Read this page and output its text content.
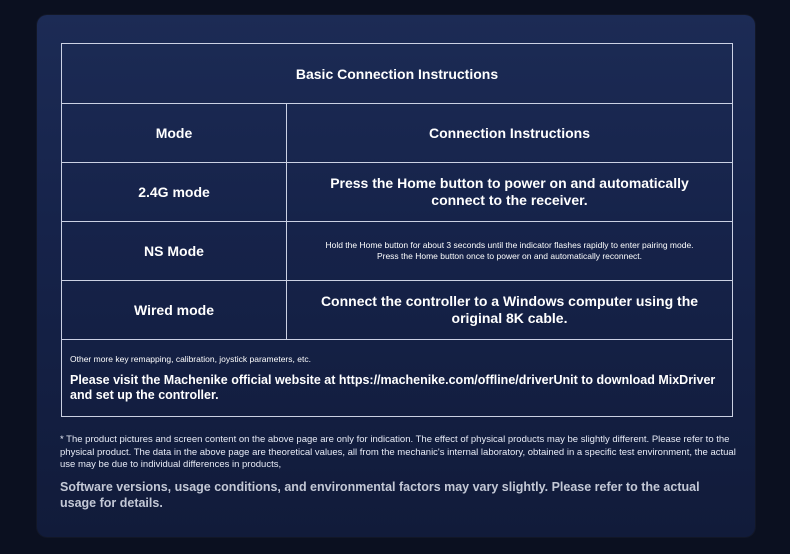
Basic Connection Instructions
Mode	Connection Instructions
2.4G mode
Press the Home button to power on and automatically connect to the receiver.
NS Mode	Hold the Home button for about 3 seconds until the indicator flashes rapidly to enter pairing mode.
Press the Home button once to power on and automatically reconnect.
Wired mode
Connect the controller to a Windows computer using the original 8K cable.
Other more key remapping, calibration, joystick parameters, etc.
Please visit the Machenike official website at https://machenike.com/offline/driverUnit to download MixDriver and set up the controller.
* The product pictures and screen content on the above page are only for indication. The effect of physical products may be slightly different. Please refer to the physical product. The data in the above page are theoretical values, all from the mechanic's internal laboratory, obtained in a specific test environment, the actual use may be due to individual differences in products,
Software versions, usage conditions, and environmental factors may vary slightly. Please refer to the actual usage for details.
